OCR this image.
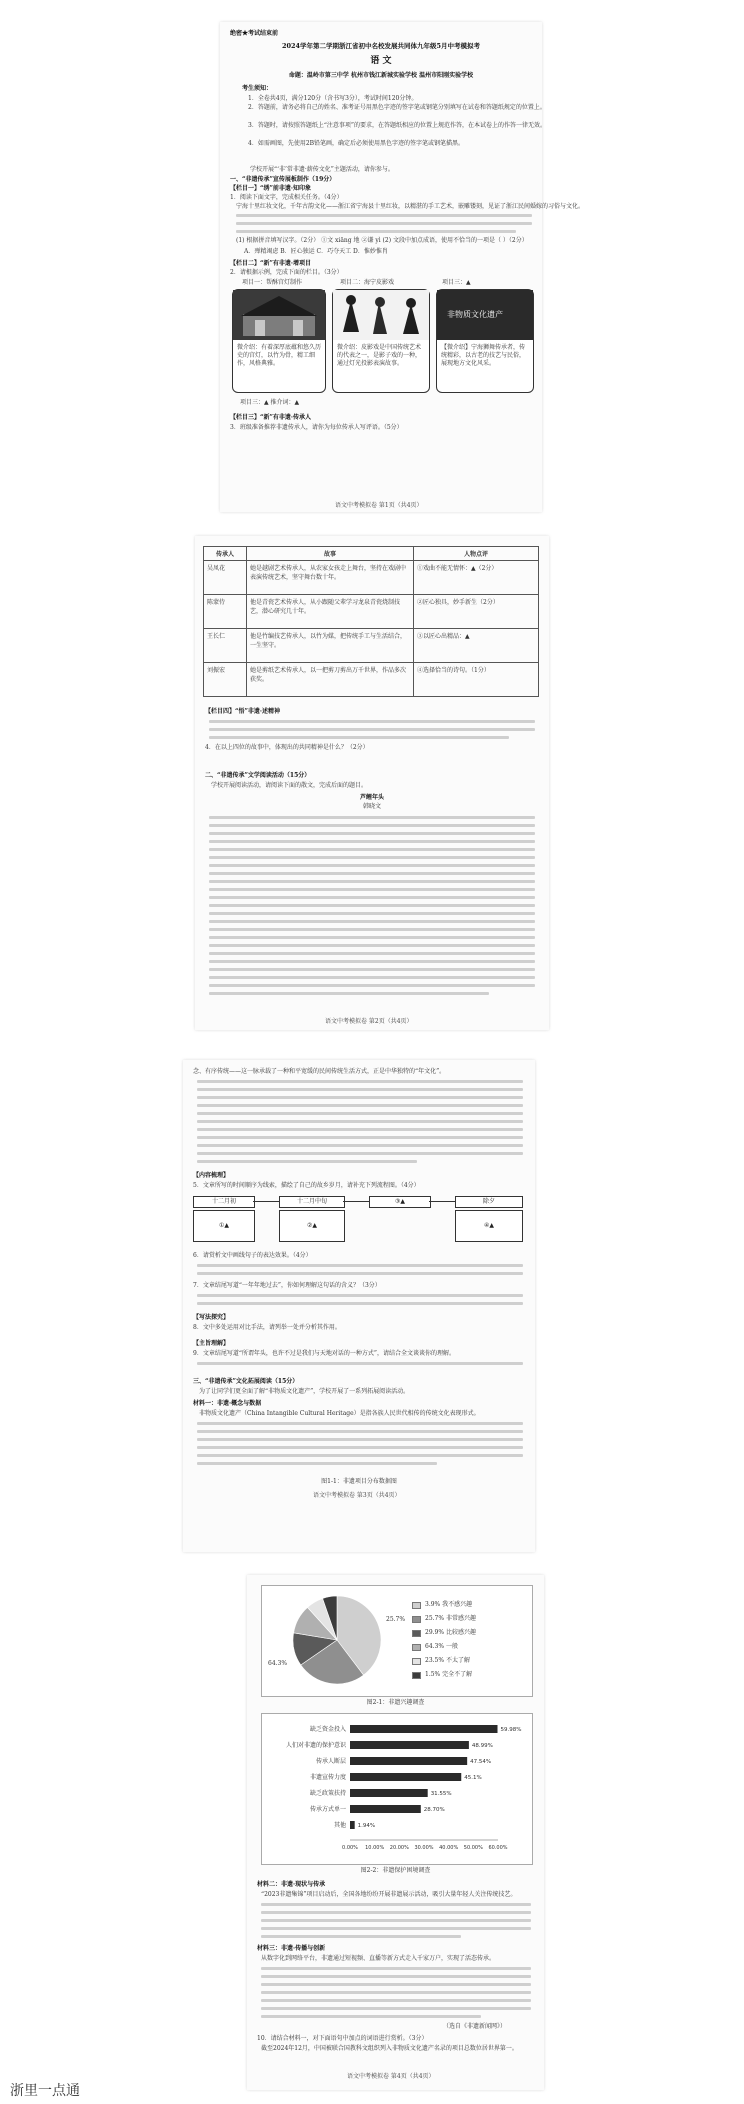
绝密★考试结束前
2024学年第二学期浙江省初中名校发展共同体九年级5月中考模拟考
语 文
命题：温岭市第三中学 杭州市钱江新城实验学校 温州市阳刚实验学校
考生须知：
1．全卷共4页，满分120分（含书写3分），考试时间120分钟。
2．答题前，请务必将自己的姓名、准考证号用黑色字迹的签字笔或钢笔分别填写在试卷和答题纸规定的位置上。
3．答题时，请按照答题纸上“注意事项”的要求，在答题纸相应的位置上规范作答，在本试卷上的作答一律无效。
4．如需画图，先使用2B铅笔画，确定后必须使用黑色字迹的签字笔或钢笔描黑。
学校开展“‘非’常非遗·薪传文化”主题活动，请你参与。
一、“非遗传承”宣传展板制作（19分）
【栏目一】“绣”前非遗·知印象
1．阅读下面文字，完成相关任务。（4分）
宁海十里红妆文化，千年古韵文化——浙江省宁海县十里红妆，以精湛的手工艺术，嵌雕镂刻，见证了浙江民间婚嫁的习俗与文化。
(1) 根据拼音填写汉字。（2分） ①文 xiāng 地 ②谦 yì (2) 文段中加点成语，使用不恰当的一项是（ ）（2分）
A．殚精竭虑 B．匠心独运 C．巧夺天工 D．惟妙惟肖
【栏目二】“新”有非遗·增项目
2．请根据示例，完成下面的栏目。（3分）
项目一：帮酥宫灯制作	项目二：海宁皮影戏	项目三：▲
微介绍：有着深厚底蕴和悠久历史的宫灯，以竹为骨，精工细作，风格典雅。
微介绍：皮影戏是中国传统艺术的代表之一，是影子戏的一种，通过灯光投影表演故事。
非物质文化遗产
【微介绍】宁海狮舞传承者，传统精彩，以古老的技艺与民俗，展现地方文化风采。
项目三：▲ 推介词：▲
【栏目三】“新”有非遗·传承人
3．班级准备推荐非遗传承人，请你为每位传承人写评语。（5分）
语文中考模拟卷 第1页（共4页）
传承人	故事	人物点评
吴凤花	她是越剧艺术传承人，从农家女孩走上舞台，坚持在戏剧中表演传统艺术，坚守舞台数十年。	①戏曲不能无情怀：▲（2分）
陈蒙侍	他是青瓷艺术传承人，从小跟随父辈学习龙泉青瓷烧制技艺，潜心研究几十年。	②匠心独具，妙手新生（2分）
王长仁	他是竹编技艺传承人，以竹为媒，把传统手工与生活结合，一生坚守。	③以匠心出精品：▲
刘振宏	她是剪纸艺术传承人，以一把剪刀剪出万千世界，作品多次获奖。	④选择恰当的诗句。（1分）
【栏目四】“悟”非遗·述精神
4．在以上四位的故事中，体现出的共同精神是什么？（2分）
二、“非遗传承”文学阅读活动（15分）
学校开展阅读活动，请阅读下面的散文，完成后面的题目。
芦鲤年头
韩晓文
语文中考模拟卷 第2页（共4页）
念、有序传统——这一脉承载了一种和平宽缓的民间传统生活方式，正是中华独特的“年文化”。
【内容梳理】
5．文章所写的时间顺序为线索，描绘了自己的故乡岁月，请补充下列流程图。（4分）
十二月初	十二月中旬	③▲	除夕
①▲	②▲	④▲
6．请赏析文中画线句子的表达效果。（4分）
7．文章结尾写道“一年年地过去”，你如何理解这句话的含义？（3分）
【写法探究】
8．文中多处运用对比手法，请列举一处并分析其作用。
【主旨理解】
9．文章结尾写道“所谓年头，也许不过是我们与天地对话的一种方式”，请结合全文谈谈你的理解。
三、“非遗传承”文化拓展阅读（15分）
为了让同学们更全面了解“非物质文化遗产”，学校开展了一系列拓展阅读活动。
材料一：非遗·概念与数据
非物质文化遗产（China Intangible Cultural Heritage）是指各族人民世代相传的传统文化表现形式。
图1-1：非遗项目分布数据图
语文中考模拟卷 第3页（共4页）
64.3%
25.7%
3.9% 我不感兴趣
25.7% 非常感兴趣
29.9% 比较感兴趣
64.3% 一般
23.5% 不太了解
1.5% 完全不了解
图2-1：非遗兴趣调查
缺乏资金投入	59.98%
人们对非遗的保护意识	48.99%
传承人断层	47.54%
非遗宣传力度	45.1%
缺乏政策扶持	31.55%
传承方式单一	28.70%
其他 1.94%
0.00% 10.00% 20.00% 30.00% 40.00% 50.00% 60.00%
图2-2：非遗保护困境调查
材料二：非遗·现状与传承
“2023非遗集锦”项目启动后，全国各地纷纷开展非遗展示活动，吸引大量年轻人关注传统技艺。
材料三：非遗·传播与创新
从数字化到网络平台，非遗通过短视频、直播等新方式走入千家万户，实现了活态传承。
（选自《非遗新闻网》）
10．请结合材料一，对下面语句中加点的词语进行赏析。（3分）
截至2024年12月，中国被联合国教科文组织列入非物质文化遗产名录的项目总数位居世界第一。
语文中考模拟卷 第4页（共4页）
浙里一点通
